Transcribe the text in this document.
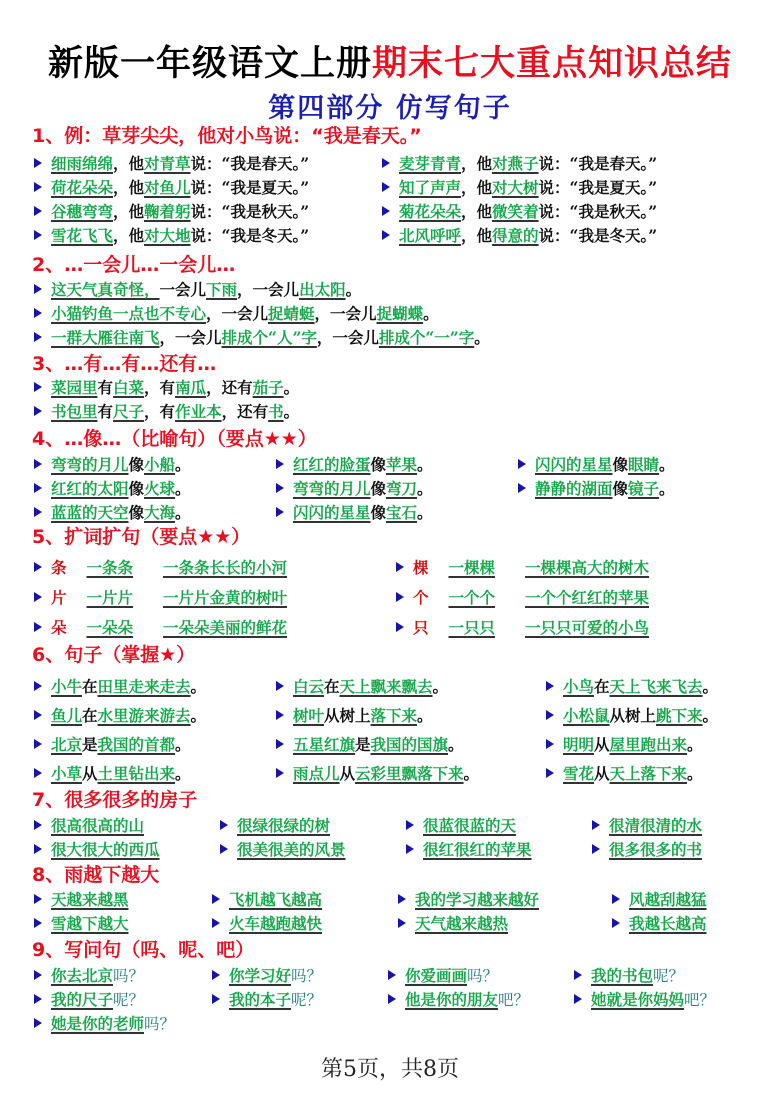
新版一年级语文上册期末七大重点知识总结
第四部分 仿写句子
1、例：草芽尖尖，他对小鸟说：“我是春天。”
2、…一会儿…一会儿…
3、…有…有…还有…
4、…像…（比喻句）（要点★★）
5、扩词扩句（要点★★）
6、句子（掌握★）
7、很多很多的房子
8、雨越下越大
9、写问句（吗、呢、吧）
细雨绵绵，他对青草说：“我是春天。”	麦芽青青，他对燕子说：“我是春天。”
荷花朵朵，他对鱼儿说：“我是夏天。”	知了声声，他对大树说：“我是夏天。”
谷穗弯弯，他鞠着躬说：“我是秋天。”	菊花朵朵，他微笑着说：“我是秋天。”
雪花飞飞，他对大地说：“我是冬天。”	北风呼呼，他得意的说：“我是冬天。”
这天气真奇怪，一会儿下雨，一会儿出太阳。
小猫钓鱼一点也不专心，一会儿捉蜻蜓，一会儿捉蝴蝶。
一群大雁往南飞，一会儿排成个“人”字，一会儿排成个“一”字。
菜园里有白菜，有南瓜，还有茄子。
书包里有尺子，有作业本，还有书。
弯弯的月儿像小船。	红红的脸蛋像苹果。	闪闪的星星像眼睛。
红红的太阳像火球。	弯弯的月儿像弯刀。	静静的湖面像镜子。
蓝蓝的天空像大海。	闪闪的星星像宝石。
条 一条条 一条条长长的小河	棵 一棵棵 一棵棵高大的树木
片 一片片 一片片金黄的树叶	个 一个个 一个个红红的苹果
朵 一朵朵 一朵朵美丽的鲜花	只 一只只 一只只可爱的小鸟
小牛在田里走来走去。	白云在天上飘来飘去。	小鸟在天上飞来飞去。
鱼儿在水里游来游去。	树叶从树上落下来。	小松鼠从树上跳下来。
北京是我国的首都。	五星红旗是我国的国旗。	明明从屋里跑出来。
小草从土里钻出来。	雨点儿从云彩里飘落下来。	雪花从天上落下来。
很高很高的山	很绿很绿的树	很蓝很蓝的天	很清很清的水
很大很大的西瓜	很美很美的风景	很红很红的苹果	很多很多的书
天越来越黑	飞机越飞越高	我的学习越来越好	风越刮越猛
雪越下越大	火车越跑越快	天气越来越热	我越长越高
你去北京吗？	你学习好吗？	你爱画画吗？	我的书包呢？
我的尺子呢？	我的本子呢？	他是你的朋友吧？	她就是你妈妈吧？
她是你的老师吗？
第5页，共8页
